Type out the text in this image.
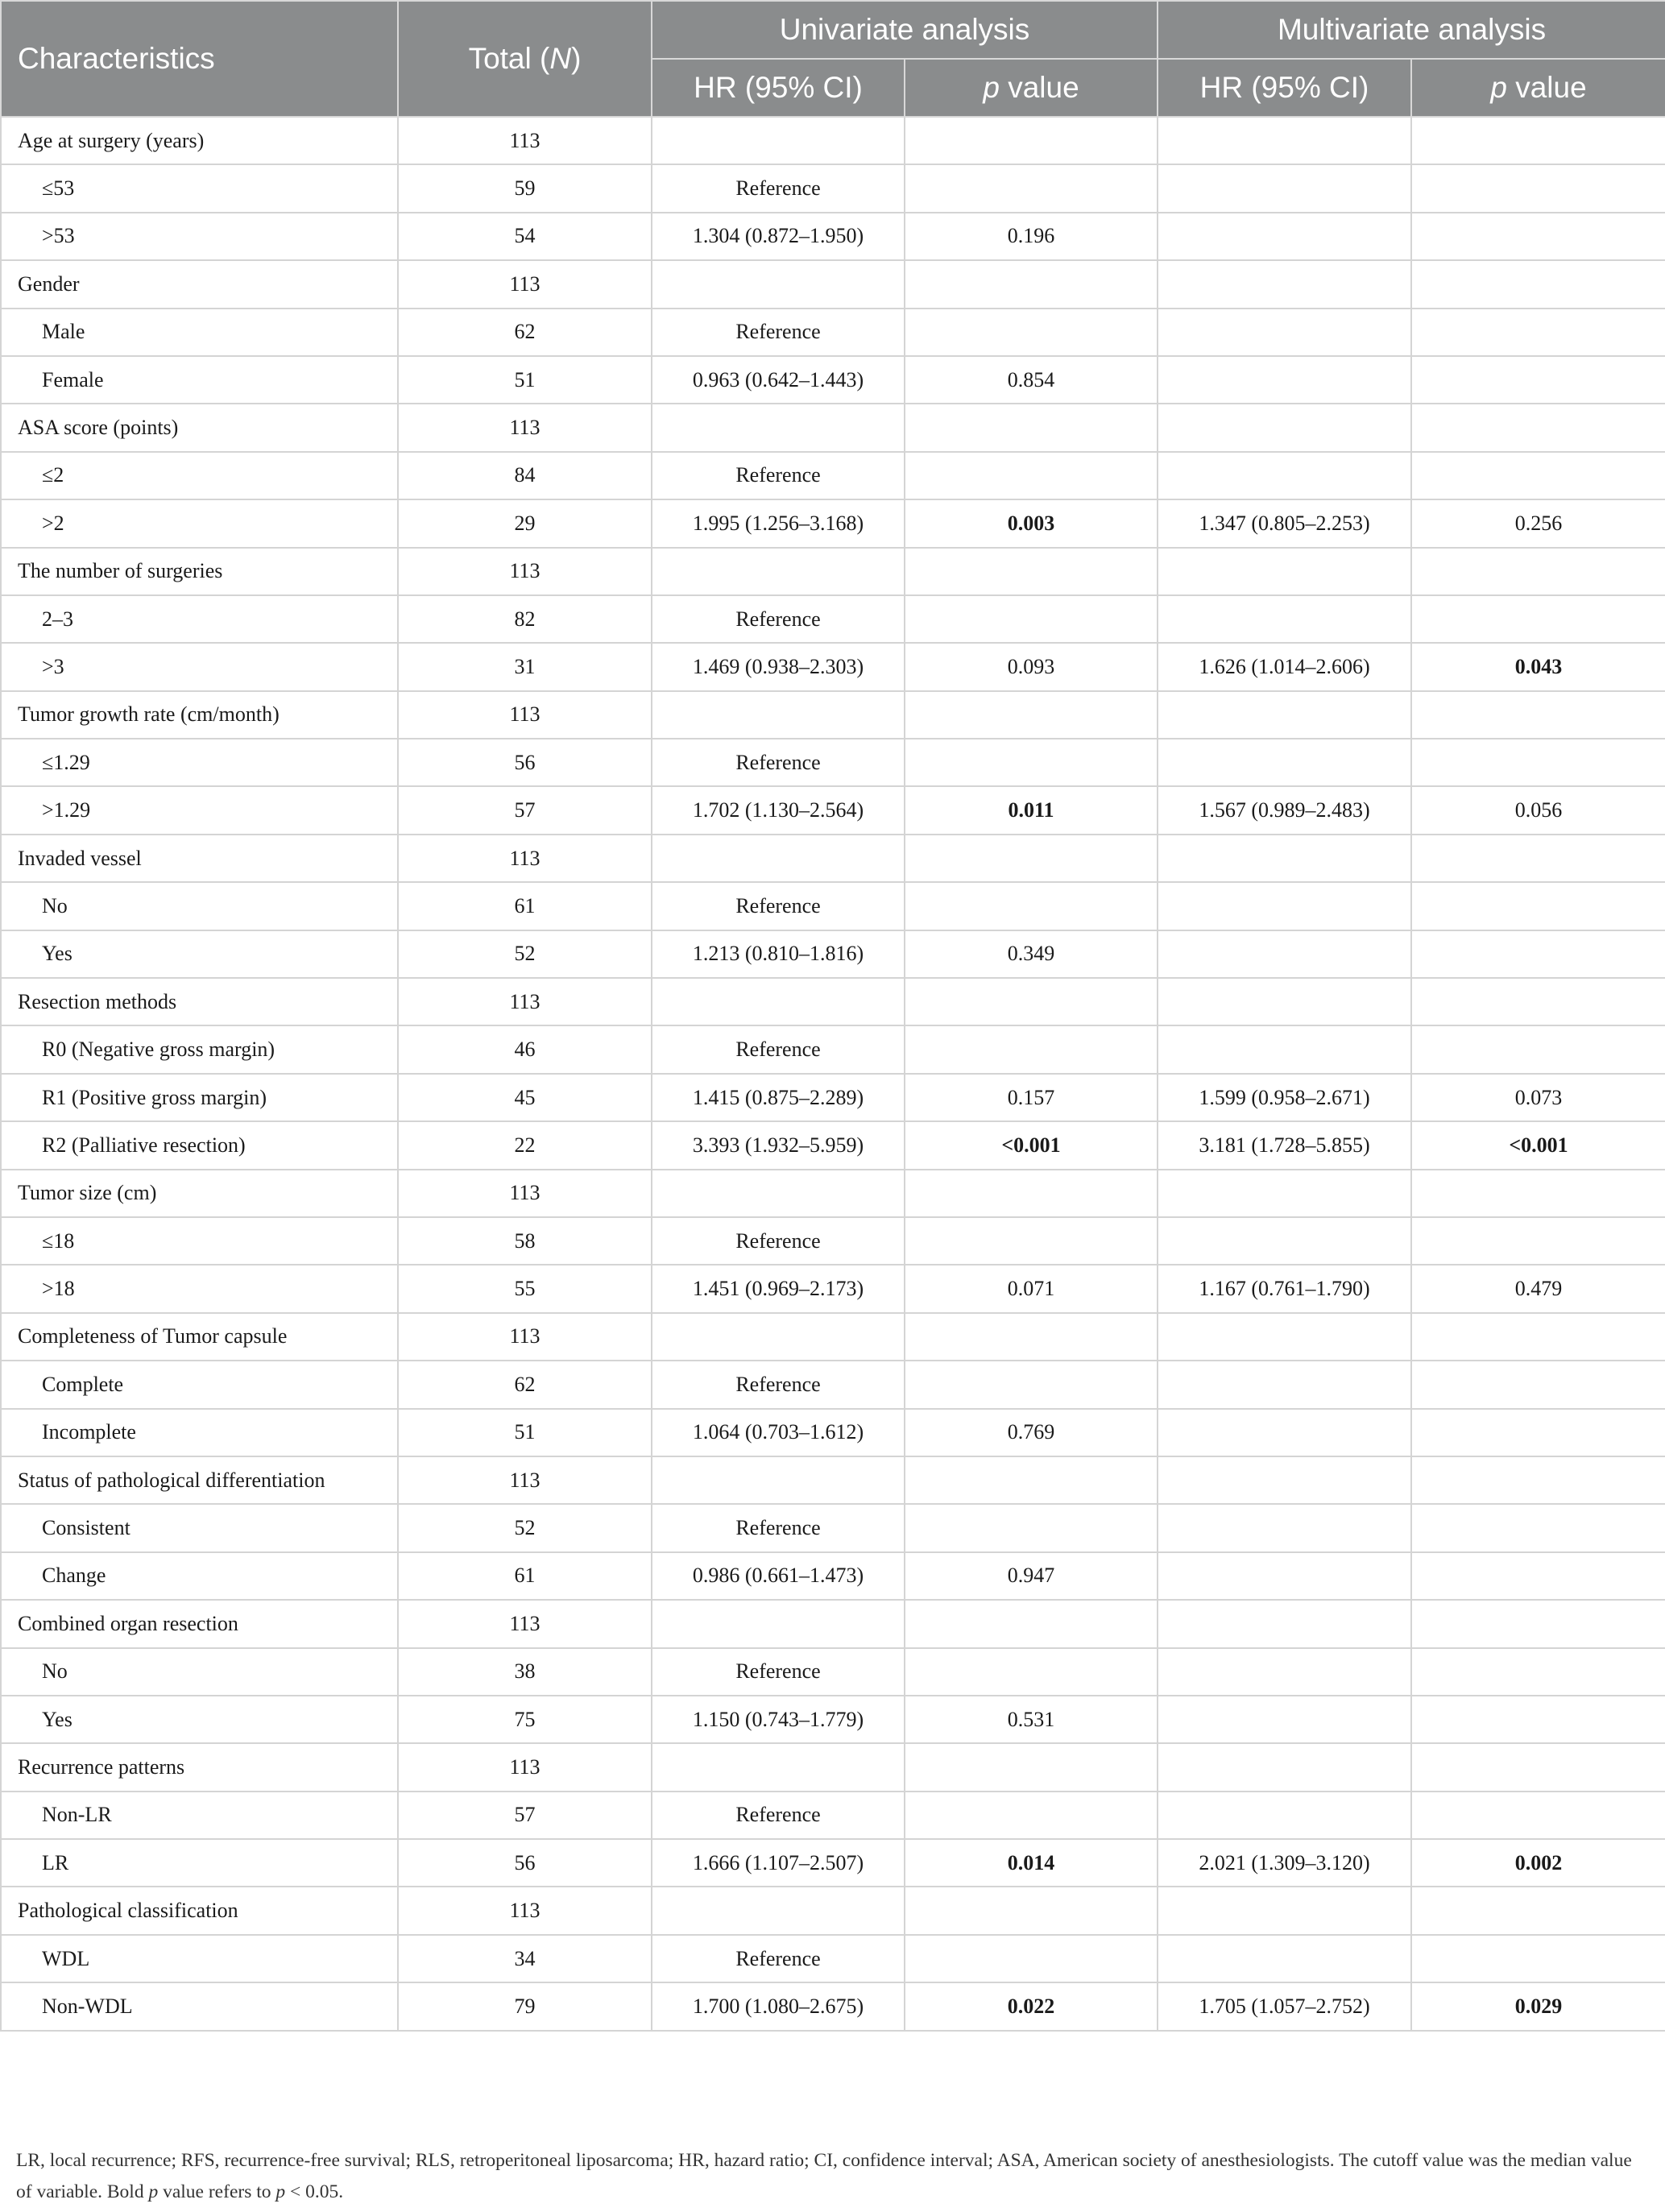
Characteristics	Total (N)	Univariate analysis		Multivariate analysis	
		HR (95% CI)	p value	HR (95% CI)	p value
Age at surgery (years)	113				
≤53	59	Reference			
>53	54	1.304 (0.872–1.950)	0.196		
Gender	113				
Male	62	Reference			
Female	51	0.963 (0.642–1.443)	0.854		
ASA score (points)	113				
≤2	84	Reference			
>2	29	1.995 (1.256–3.168)	0.003	1.347 (0.805–2.253)	0.256
The number of surgeries	113				
2–3	82	Reference			
>3	31	1.469 (0.938–2.303)	0.093	1.626 (1.014–2.606)	0.043
Tumor growth rate (cm/month)	113				
≤1.29	56	Reference			
>1.29	57	1.702 (1.130–2.564)	0.011	1.567 (0.989–2.483)	0.056
Invaded vessel	113				
No	61	Reference			
Yes	52	1.213 (0.810–1.816)	0.349		
Resection methods	113				
R0 (Negative gross margin)	46	Reference			
R1 (Positive gross margin)	45	1.415 (0.875–2.289)	0.157	1.599 (0.958–2.671)	0.073
R2 (Palliative resection)	22	3.393 (1.932–5.959)	<0.001	3.181 (1.728–5.855)	<0.001
Tumor size (cm)	113				
≤18	58	Reference			
>18	55	1.451 (0.969–2.173)	0.071	1.167 (0.761–1.790)	0.479
Completeness of Tumor capsule	113				
Complete	62	Reference			
Incomplete	51	1.064 (0.703–1.612)	0.769		
Status of pathological differentiation	113				
Consistent	52	Reference			
Change	61	0.986 (0.661–1.473)	0.947		
Combined organ resection	113				
No	38	Reference			
Yes	75	1.150 (0.743–1.779)	0.531		
Recurrence patterns	113				
Non-LR	57	Reference			
LR	56	1.666 (1.107–2.507)	0.014	2.021 (1.309–3.120)	0.002
Pathological classification	113				
WDL	34	Reference			
Non-WDL	79	1.700 (1.080–2.675)	0.022	1.705 (1.057–2.752)	0.029
LR, local recurrence; RFS, recurrence-free survival; RLS, retroperitoneal liposarcoma; HR, hazard ratio; CI, confidence interval; ASA, American society of anesthesiologists. The cutoff value was the median value of variable. Bold p value refers to p < 0.05.
